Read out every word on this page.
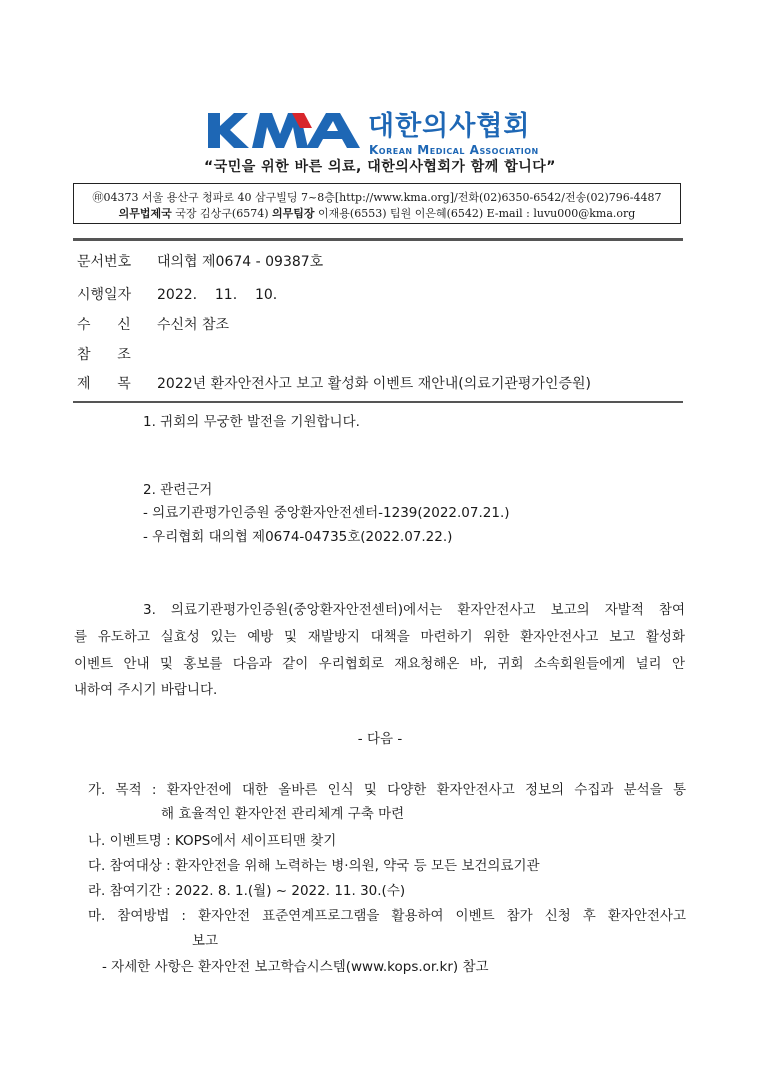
대한의사협회
Korean Medical Association
“국민을 위한 바른 의료, 대한의사협회가 함께 합니다”
㊞04373 서울 용산구 청파로 40 삼구빌딩 7~8층[http://www.kma.org]/전화(02)6350-6542/전송(02)796-4487
의무법제국 국장 김상구(6574) 의무팀장 이재용(6553) 팀원 이은혜(6542) E-mail : luvu000@kma.org
문서번호 대의협 제0674 - 09387호
시행일자 2022.    11.    10.
수      신 수신처 참조
참      조
제      목 2022년 환자안전사고 보고 활성화 이벤트 재안내(의료기관평가인증원)
1. 귀회의 무궁한 발전을 기원합니다.
2. 관련근거
- 의료기관평가인증원 중앙환자안전센터-1239(2022.07.21.)
- 우리협회 대의협 제0674-04735호(2022.07.22.)
3. 의료기관평가인증원(중앙환자안전센터)에서는 환자안전사고 보고의 자발적 참여
를 유도하고 실효성 있는 예방 및 재발방지 대책을 마련하기 위한 환자안전사고 보고 활성화
이벤트 안내 및 홍보를 다음과 같이 우리협회로 재요청해온 바, 귀회 소속회원들에게 널리 안
내하여 주시기 바랍니다.
- 다음 -
가. 목적 : 환자안전에 대한 올바른 인식 및 다양한 환자안전사고 정보의 수집과 분석을 통
해 효율적인 환자안전 관리체계 구축 마련
나. 이벤트명 : KOPS에서 세이프티맨 찾기
다. 참여대상 : 환자안전을 위해 노력하는 병·의원, 약국 등 모든 보건의료기관
라. 참여기간 : 2022. 8. 1.(월) ~ 2022. 11. 30.(수)
마. 참여방법 : 환자안전 표준연계프로그램을 활용하여 이벤트 참가 신청 후 환자안전사고
보고
- 자세한 사항은 환자안전 보고학습시스템(www.kops.or.kr) 참고
